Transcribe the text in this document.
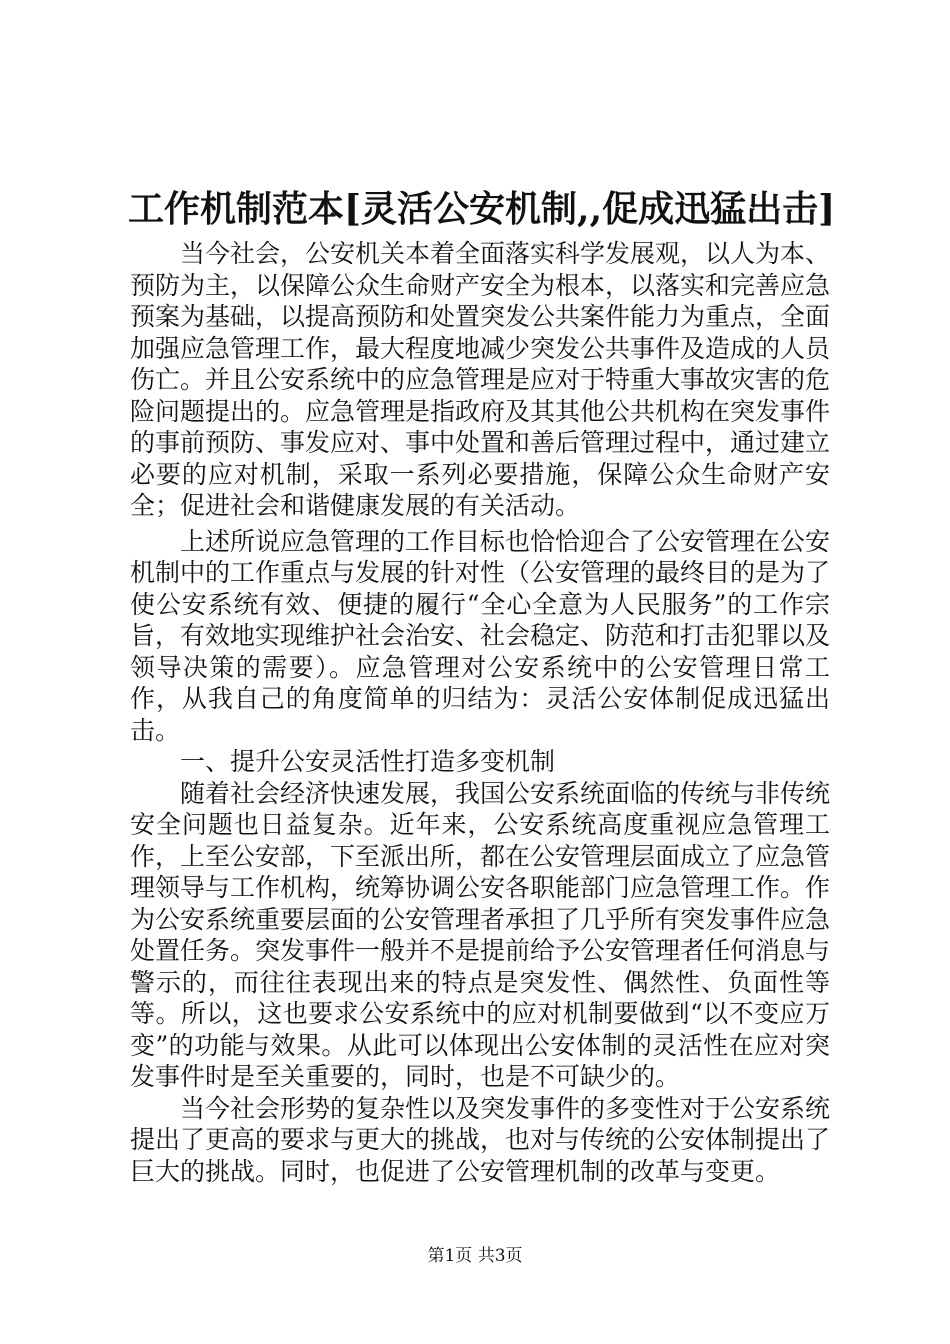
工作机制范本[灵活公安机制,,促成迅猛出击]

当今社会，公安机关本着全面落实科学发展观，以人为本、预防为主，以保障公众生命财产安全为根本，以落实和完善应急预案为基础，以提高预防和处置突发公共案件能力为重点，全面加强应急管理工作，最大程度地减少突发公共事件及造成的人员伤亡。并且公安系统中的应急管理是应对于特重大事故灾害的危险问题提出的。应急管理是指政府及其其他公共机构在突发事件的事前预防、事发应对、事中处置和善后管理过程中，通过建立必要的应对机制，采取一系列必要措施，保障公众生命财产安全；促进社会和谐健康发展的有关活动。

上述所说应急管理的工作目标也恰恰迎合了公安管理在公安机制中的工作重点与发展的针对性（公安管理的最终目的是为了使公安系统有效、便捷的履行“全心全意为人民服务”的工作宗旨，有效地实现维护社会治安、社会稳定、防范和打击犯罪以及领导决策的需要）。应急管理对公安系统中的公安管理日常工作，从我自己的角度简单的归结为：灵活公安体制促成迅猛出击。

一、提升公安灵活性打造多变机制

随着社会经济快速发展，我国公安系统面临的传统与非传统安全问题也日益复杂。近年来，公安系统高度重视应急管理工作，上至公安部，下至派出所，都在公安管理层面成立了应急管理领导与工作机构，统筹协调公安各职能部门应急管理工作。作为公安系统重要层面的公安管理者承担了几乎所有突发事件应急处置任务。突发事件一般并不是提前给予公安管理者任何消息与警示的，而往往表现出来的特点是突发性、偶然性、负面性等等。所以，这也要求公安系统中的应对机制要做到“以不变应万变”的功能与效果。从此可以体现出公安体制的灵活性在应对突发事件时是至关重要的，同时，也是不可缺少的。

当今社会形势的复杂性以及突发事件的多变性对于公安系统提出了更高的要求与更大的挑战，也对与传统的公安体制提出了巨大的挑战。同时，也促进了公安管理机制的改革与变更。

第1页 共3页
